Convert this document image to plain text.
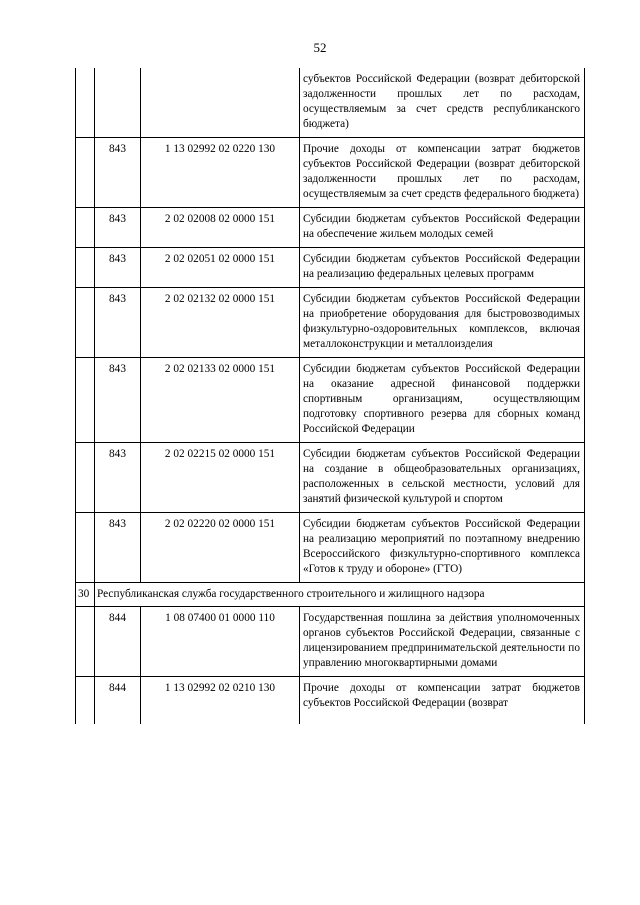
52
			субъектов Российской Федерации (возврат дебиторской задолженности прошлых лет по расходам, осуществляемым за счет средств республиканского бюджета)
	843	1 13 02992 02 0220 130	Прочие доходы от компенсации затрат бюджетов субъектов Российской Федерации (возврат дебиторской задолженности прошлых лет по расходам, осуществляемым за счет средств федерального бюджета)
	843	2 02 02008 02 0000 151	Субсидии бюджетам субъектов Российской Федерации на обеспечение жильем молодых семей
	843	2 02 02051 02 0000 151	Субсидии бюджетам субъектов Российской Федерации на реализацию федеральных целевых программ
	843	2 02 02132 02 0000 151	Субсидии бюджетам субъектов Российской Федерации на приобретение оборудования для быстровозводимых физкультурно-оздоровительных комплексов, включая металлоконструкции и металлоизделия
	843	2 02 02133 02 0000 151	Субсидии бюджетам субъектов Российской Федерации на оказание адресной финансовой поддержки спортивным организациям, осуществляющим подготовку спортивного резерва для сборных команд Российской Федерации
	843	2 02 02215 02 0000 151	Субсидии бюджетам субъектов Российской Федерации на создание в общеобразовательных организациях, расположенных в сельской местности, условий для занятий физической культурой и спортом
	843	2 02 02220 02 0000 151	Субсидии бюджетам субъектов Российской Федерации на реализацию мероприятий по поэтапному внедрению Всероссийского физкультурно-спортивного комплекса «Готов к труду и обороне» (ГТО)
30	Республиканская служба государственного строительного и жилищного надзора		
	844	1 08 07400 01 0000 110	Государственная пошлина за действия уполномоченных органов субъектов Российской Федерации, связанные с лицензированием предпринимательской деятельности по управлению многоквартирными домами
	844	1 13 02992 02 0210 130	Прочие доходы от компенсации затрат бюджетов субъектов Российской Федерации (возврат
